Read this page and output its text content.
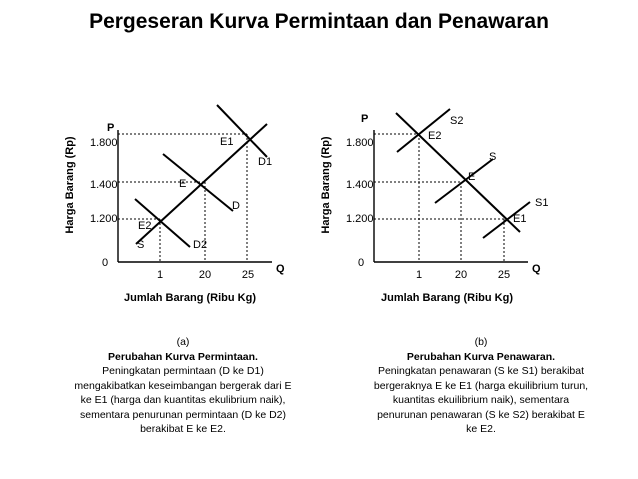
Pergeseran Kurva Permintaan dan Penawaran
Harga Barang (Rp)
Jumlah Barang (Ribu Kg)
P
Q
1.800
1.400
1.200
0
1	20	25
E1
E
E2
D1
D
D2
S
Harga Barang (Rp)
Jumlah Barang (Ribu Kg)
P
Q
1.800
1.400
1.200
0
1	20	25
E2
E
E1
S2
S
S1
(a)
Perubahan Kurva Permintaan.
Peningkatan permintaan (D ke D1) mengakibatkan keseimbangan bergerak dari E ke E1 (harga dan kuantitas ekulibrium naik), sementara penurunan permintaan (D ke D2) berakibat E ke E2.
(b)
Perubahan Kurva Penawaran.
Peningkatan penawaran (S ke S1) berakibat bergeraknya E ke E1 (harga ekuilibrium turun, kuantitas ekuilibrium naik), sementara penurunan penawaran (S ke S2) berakibat E ke E2.
